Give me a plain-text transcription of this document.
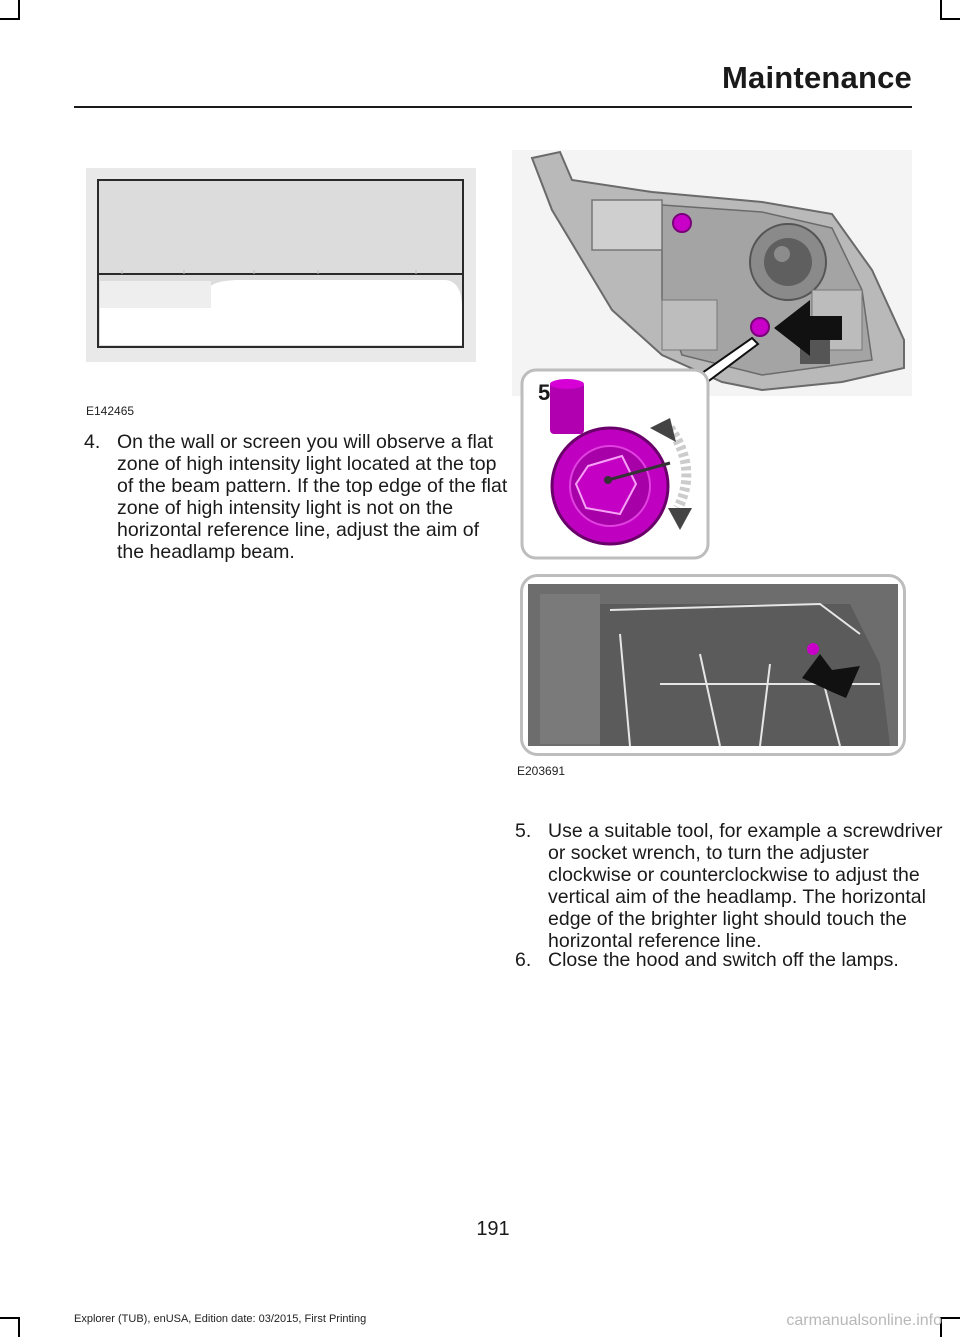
Maintenance
E142465
4. On the wall or screen you will observe a flat zone of high intensity light located at the top of the beam pattern. If the top edge of the flat zone of high intensity light is not on the horizontal reference line, adjust the aim of the headlamp beam.
5
E203691
5. Use a suitable tool, for example a screwdriver or socket wrench, to turn the adjuster clockwise or counterclockwise to adjust the vertical aim of the headlamp. The horizontal edge of the brighter light should touch the horizontal reference line.
6. Close the hood and switch off the lamps.
191
Explorer (TUB), enUSA, Edition date: 03/2015, First Printing	carmanualsonline.info
